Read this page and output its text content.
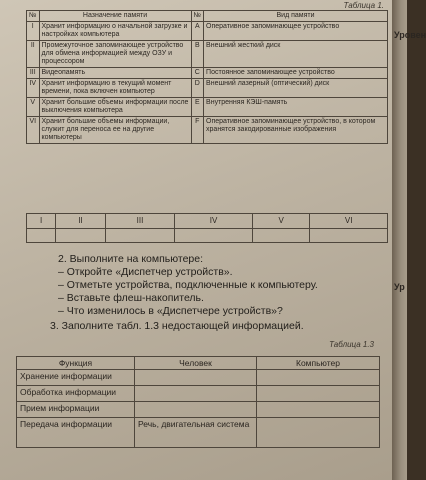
Таблица 1.
№	Назначение памяти	№	Вид памяти
I	Хранит информацию о начальной загрузке и настройках компьютера	A	Оперативное запоминающее устройство
II	Промежуточное запоминающее устройство для обмена информацией между ОЗУ и процессором	B	Внешний жесткий диск
III	Видеопамять	C	Постоянное запоминающее устройство
IV	Хранит информацию в текущий момент времени, пока включен компьютер	D	Внешний лазерный (оптический) диск
V	Хранит большие объемы информации после выключения компьютера	E	Внутренняя КЭШ-память
VI	Хранит большие объемы информации, служит для переноса ее на другие компьютеры	F	Оперативное запоминающее устройство, в котором хранятся закодированные изображения
I	II	III	IV	V	VI

2. Выполните на компьютере:
– Откройте «Диспетчер устройств».
– Отметьте устройства, подключенные к компьютеру.
– Вставьте флеш-накопитель.
– Что изменилось в «Диспетчере устройств»?
3. Заполните табл. 1.3 недостающей информацией.
Таблица 1.3
Функция	Человек	Компьютер
Хранение информации		
Обработка информации		
Прием информации		
Передача информации	Речь, двигательная система	
Уровен
Ур
